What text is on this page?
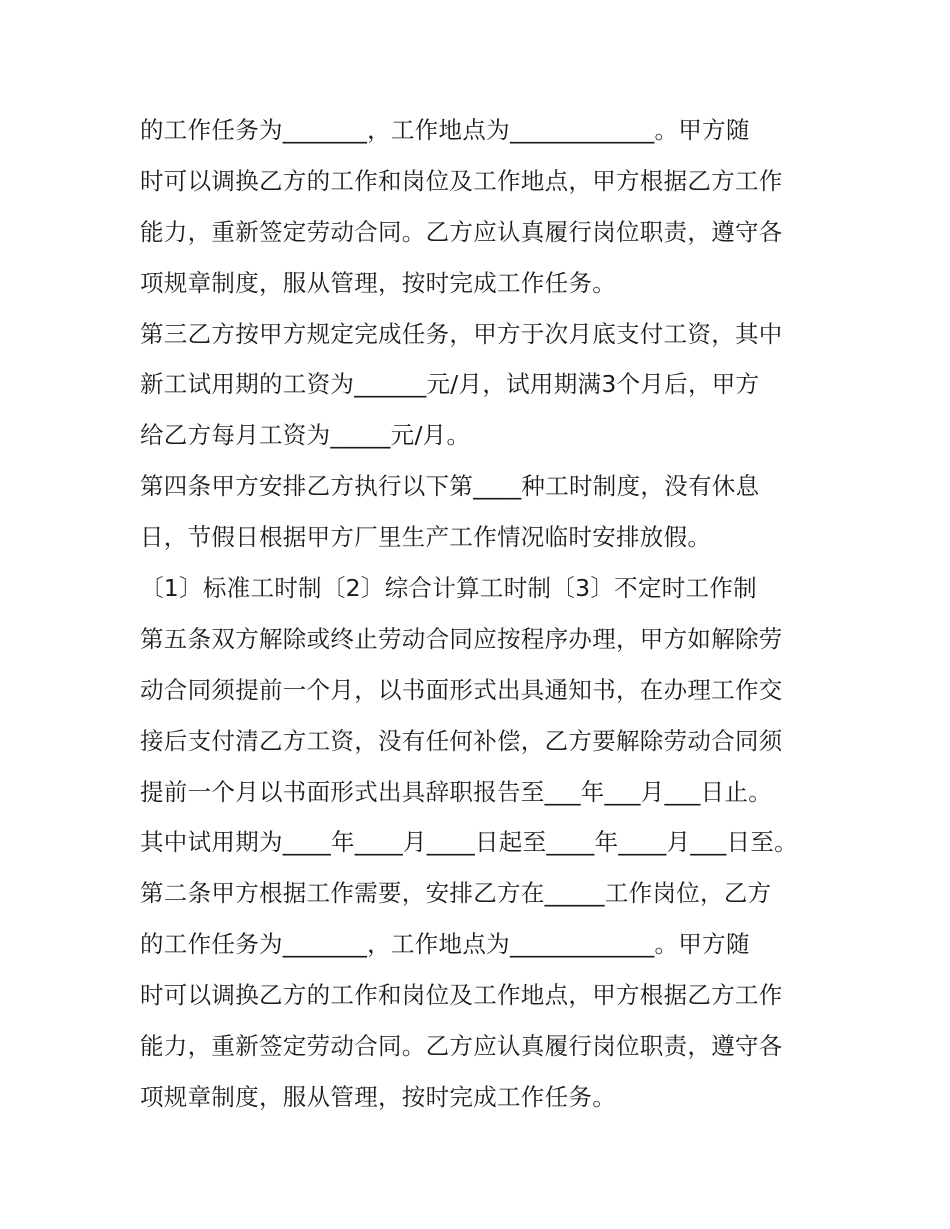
的工作任务为_______，工作地点为____________。甲方随
时可以调换乙方的工作和岗位及工作地点，甲方根据乙方工作
能力，重新签定劳动合同。乙方应认真履行岗位职责，遵守各
项规章制度，服从管理，按时完成工作任务。
第三乙方按甲方规定完成任务，甲方于次月底支付工资，其中
新工试用期的工资为______元/月，试用期满3个月后，甲方
给乙方每月工资为_____元/月。
第四条甲方安排乙方执行以下第____种工时制度，没有休息
日，节假日根据甲方厂里生产工作情况临时安排放假。
〔1〕标准工时制〔2〕综合计算工时制〔3〕不定时工作制
第五条双方解除或终止劳动合同应按程序办理，甲方如解除劳
动合同须提前一个月，以书面形式出具通知书，在办理工作交
接后支付清乙方工资，没有任何补偿，乙方要解除劳动合同须
提前一个月以书面形式出具辞职报告至___年___月___日止。
其中试用期为____年____月____日起至____年____月___日至。
第二条甲方根据工作需要，安排乙方在_____工作岗位，乙方
的工作任务为_______，工作地点为____________。甲方随
时可以调换乙方的工作和岗位及工作地点，甲方根据乙方工作
能力，重新签定劳动合同。乙方应认真履行岗位职责，遵守各
项规章制度，服从管理，按时完成工作任务。
